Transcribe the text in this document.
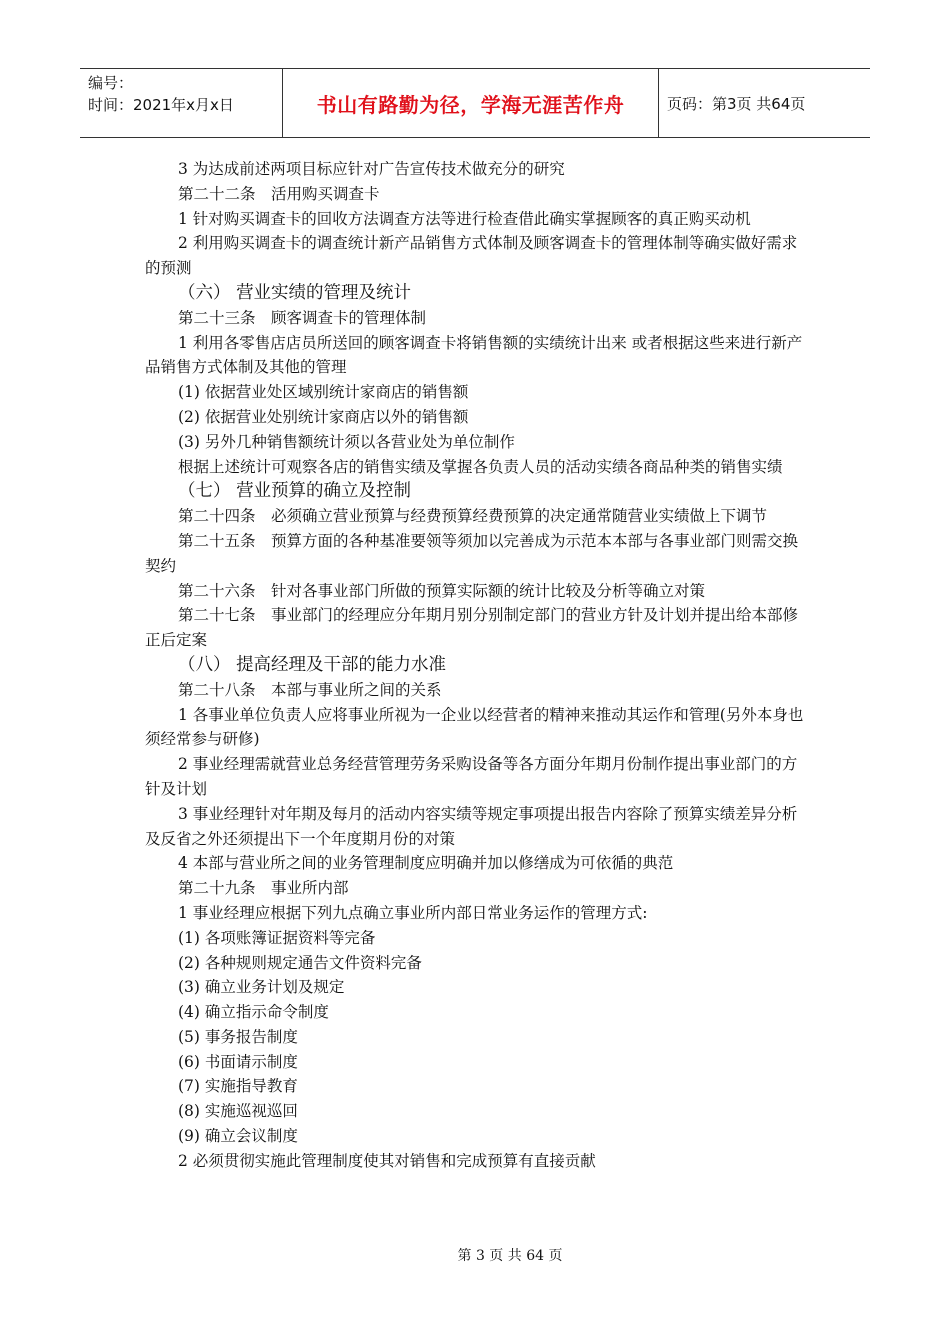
编号：
时间：2021年x月x日	书山有路勤为径，学海无涯苦作舟	页码：第3页 共64页

3 为达成前述两项目标应针对广告宣传技术做充分的研究

第二十二条　活用购买调查卡

1 针对购买调查卡的回收方法调查方法等进行检查借此确实掌握顾客的真正购买动机

2 利用购买调查卡的调查统计新产品销售方式体制及顾客调查卡的管理体制等确实做好需求的预测

（六） 营业实绩的管理及统计

第二十三条　顾客调查卡的管理体制

1 利用各零售店店员所送回的顾客调查卡将销售额的实绩统计出来 或者根据这些来进行新产品销售方式体制及其他的管理

(1) 依据营业处区域别统计家商店的销售额

(2) 依据营业处别统计家商店以外的销售额

(3) 另外几种销售额统计须以各营业处为单位制作

根据上述统计可观察各店的销售实绩及掌握各负责人员的活动实绩各商品种类的销售实绩

（七） 营业预算的确立及控制

第二十四条　必须确立营业预算与经费预算经费预算的决定通常随营业实绩做上下调节

第二十五条　预算方面的各种基准要领等须加以完善成为示范本本部与各事业部门则需交换契约

第二十六条　针对各事业部门所做的预算实际额的统计比较及分析等确立对策

第二十七条　事业部门的经理应分年期月别分别制定部门的营业方针及计划并提出给本部修正后定案

（八） 提高经理及干部的能力水准

第二十八条　本部与事业所之间的关系

1 各事业单位负责人应将事业所视为一企业以经营者的精神来推动其运作和管理(另外本身也须经常参与研修)

2 事业经理需就营业总务经营管理劳务采购设备等各方面分年期月份制作提出事业部门的方针及计划

3 事业经理针对年期及每月的活动内容实绩等规定事项提出报告内容除了预算实绩差异分析及反省之外还须提出下一个年度期月份的对策

4 本部与营业所之间的业务管理制度应明确并加以修缮成为可依循的典范

第二十九条　事业所内部

1 事业经理应根据下列九点确立事业所内部日常业务运作的管理方式:

(1) 各项账簿证据资料等完备

(2) 各种规则规定通告文件资料完备

(3) 确立业务计划及规定

(4) 确立指示命令制度

(5) 事务报告制度

(6) 书面请示制度

(7) 实施指导教育

(8) 实施巡视巡回

(9) 确立会议制度

2 必须贯彻实施此管理制度使其对销售和完成预算有直接贡献

第 3 页 共 64 页
